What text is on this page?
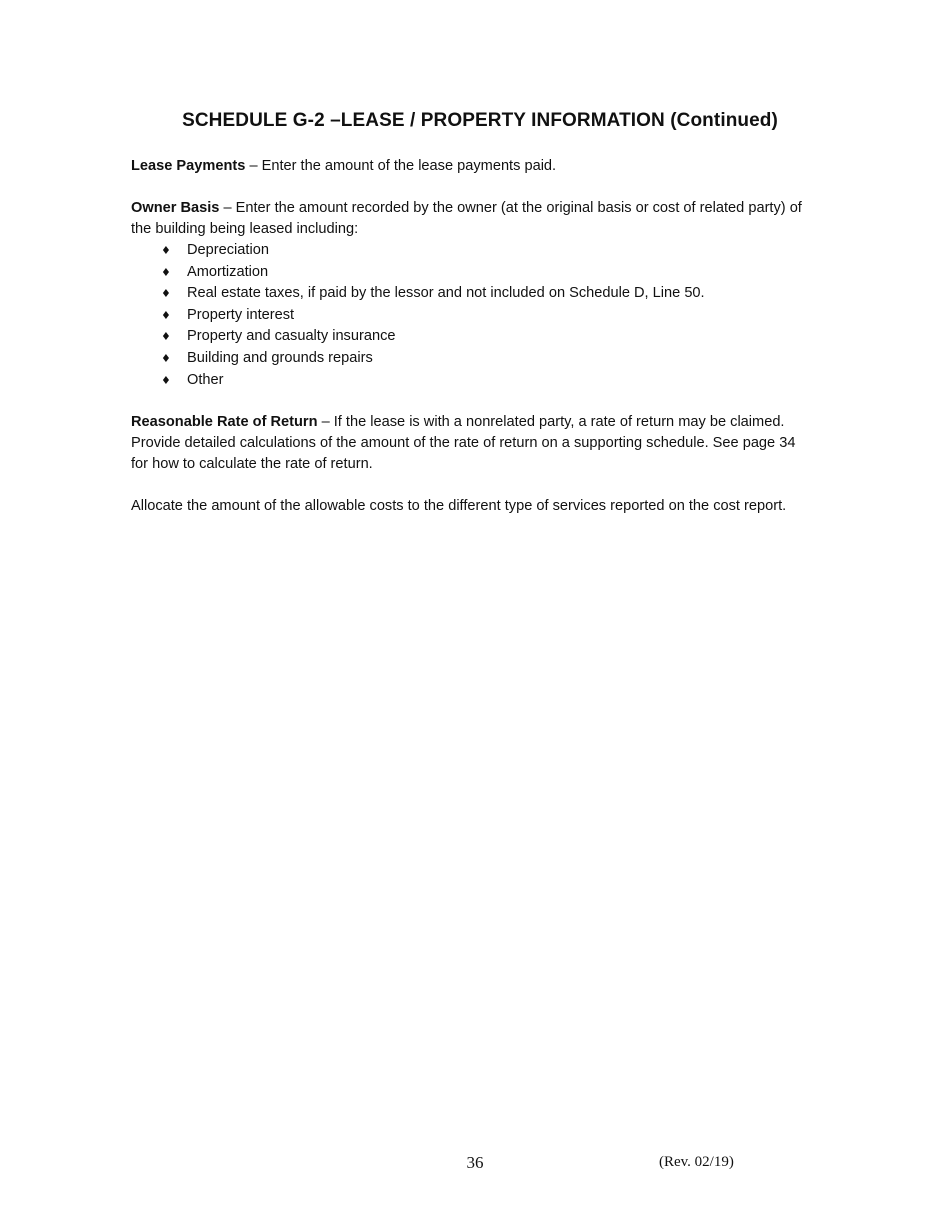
SCHEDULE G-2 –LEASE / PROPERTY INFORMATION (Continued)

Lease Payments – Enter the amount of the lease payments paid.

Owner Basis – Enter the amount recorded by the owner (at the original basis or cost of related party) of the building being leased including:

♦ Depreciation
♦ Amortization
♦ Real estate taxes, if paid by the lessor and not included on Schedule D, Line 50.
♦ Property interest
♦ Property and casualty insurance
♦ Building and grounds repairs
♦ Other

Reasonable Rate of Return – If the lease is with a nonrelated party, a rate of return may be claimed. Provide detailed calculations of the amount of the rate of return on a supporting schedule. See page 34 for how to calculate the rate of return.

Allocate the amount of the allowable costs to the different type of services reported on the cost report.

36	(Rev. 02/19)
